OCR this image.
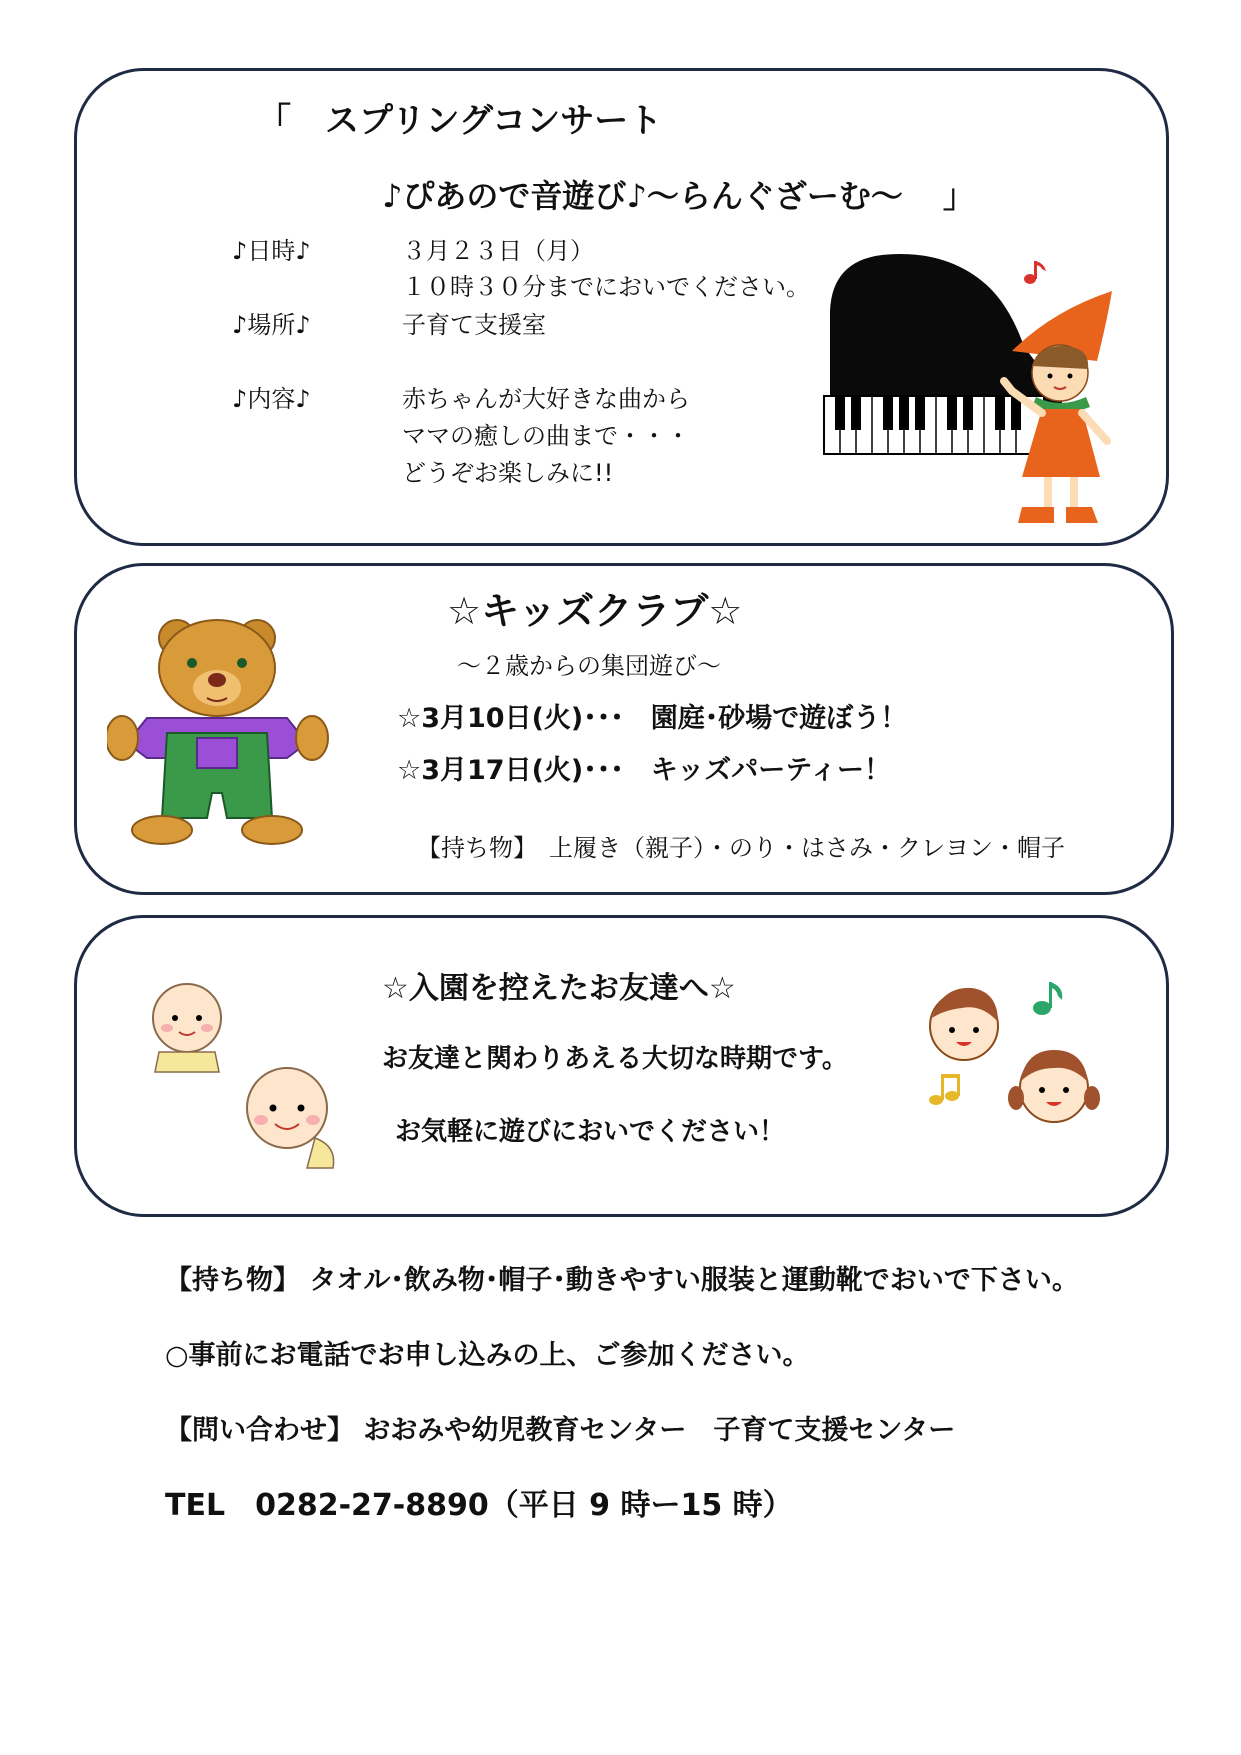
「 スプリングコンサート
♪ぴあので音遊び♪～らんぐざーむ～ 」
♪日時♪	３月２３日（月）
１０時３０分までにおいでください。
♪場所♪	子育て支援室
♪内容♪	赤ちゃんが大好きな曲から
ママの癒しの曲まで・・・
どうぞお楽しみに!!
☆キッズクラブ☆
～２歳からの集団遊び～
☆3月10日(火)･･･　園庭･砂場で遊ぼう！
☆3月17日(火)･･･　キッズパーティー！
【持ち物】　上履き（親子）・のり・はさみ・クレヨン・帽子
☆入園を控えたお友達へ☆
お友達と関わりあえる大切な時期です。
お気軽に遊びにおいでください！
【持ち物】 タオル･飲み物･帽子･動きやすい服装と運動靴でおいで下さい。
○事前にお電話でお申し込みの上、ご参加ください。
【問い合わせ】 おおみや幼児教育センター　子育て支援センター
TEL　0282-27-8890（平日 9 時ー15 時）
